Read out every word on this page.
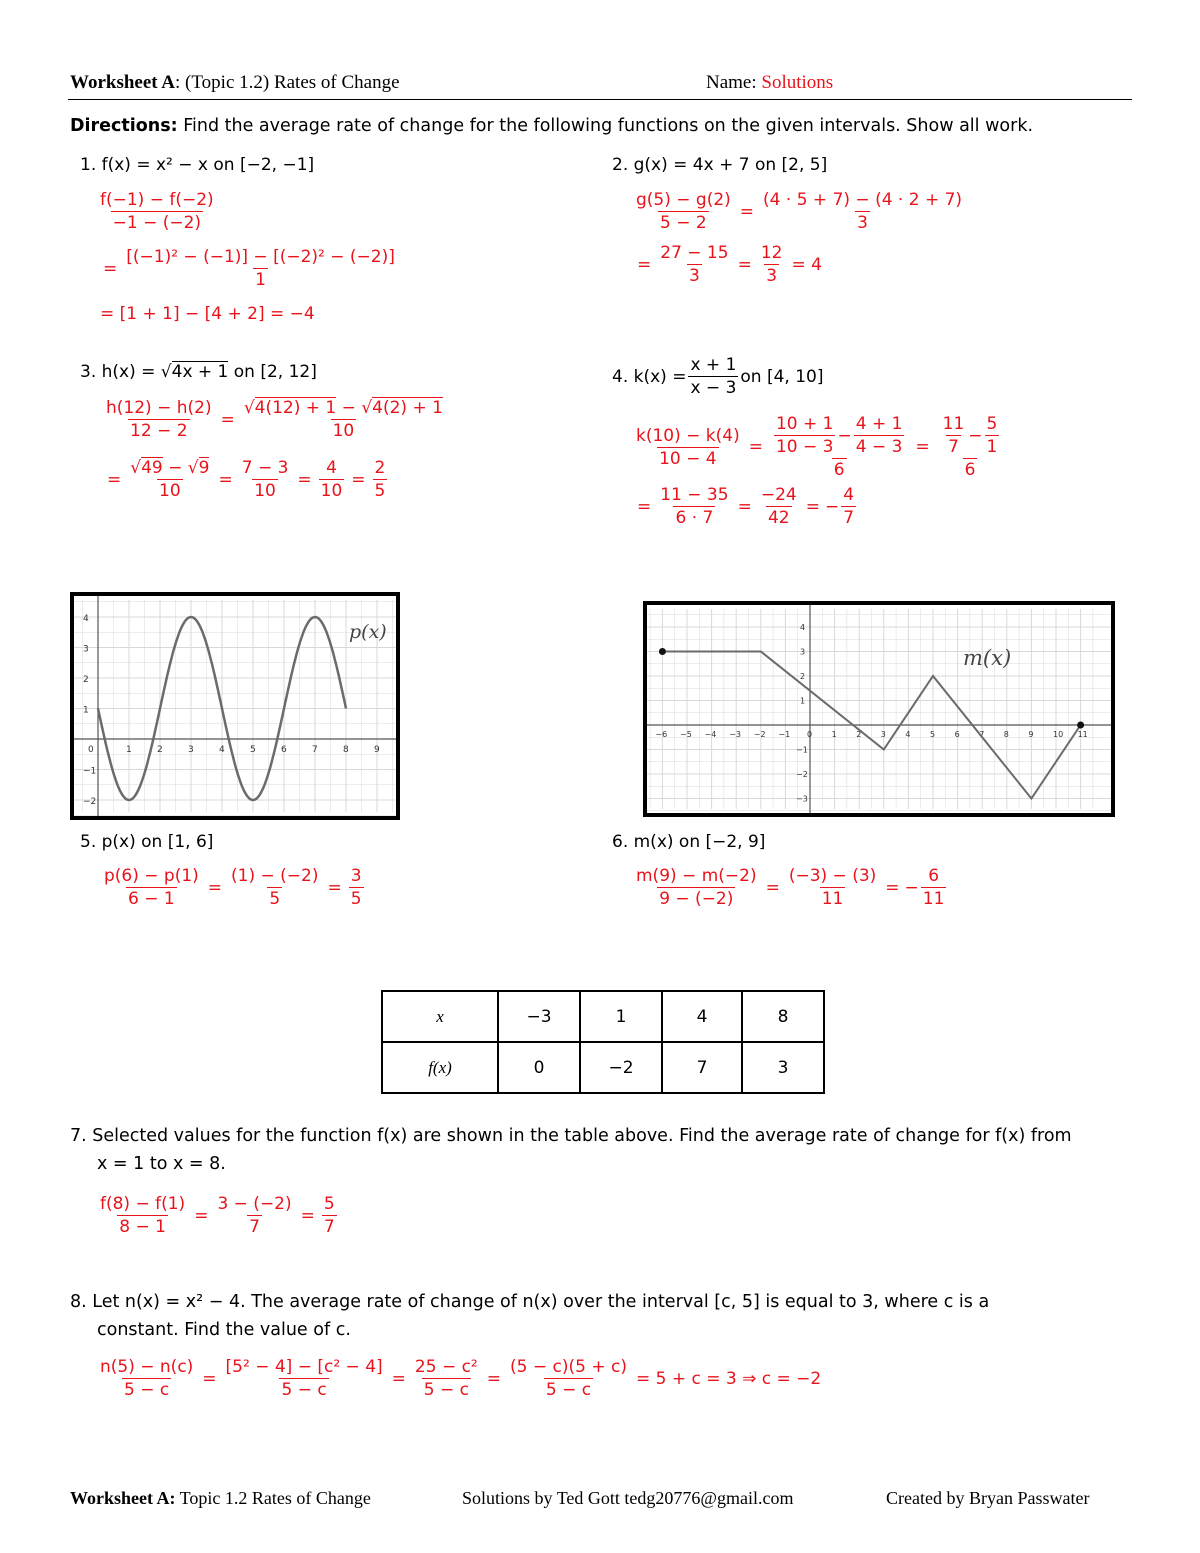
Worksheet A: (Topic 1.2) Rates of Change	Name: Solutions
Directions: Find the average rate of change for the following functions on the given intervals. Show all work.
1. f(x) = x² − x on [−2, −1]
$\frac{f(-1) - f(-2)}{-1 - (-2)}$
= $\frac{\text{[(−1)² − (−1)] − [(−2)² − (−2)]}}{1}$
= [1 + 1] − [4 + 2] = −4
2. g(x) = 4x + 7 on [2, 5]
$\frac{g(5) - g(2)}{5 - 2} = \frac{(4 \cdot 5 + 7) - (4 \cdot 2 + 7)}{3}$
= $\frac{27 - 15}{3} = \frac{12}{3} = 4$
3. h(x) = √4x + 1 on [2, 12]
$\frac{h(12) - h(2)}{12 - 2} = \frac{√4(12) + 1 - √4(2) + 1}{10}$
= $\frac{√49 - √9}{10} = \frac{7 - 3}{10} = \frac{4}{10} = \frac{2}{5}$
4. $k(x) = \frac{x + 1}{x - 3}$ on [4, 10]
$\frac{k(10) - k(4)}{10 - 4} = \frac{\frac{10 + 1}{10 - 3} - \frac{4 + 1}{4 - 3}}{6} = \frac{\frac{11}{7} - \frac{5}{1}}{6}$
= $\frac{11 - 35}{6 \cdot 7} = \frac{-24}{42}$ = − $\frac{4}{7}$
0	1	2	3	4	5	6	7	8	9
4
3
2
1
−1
−2
p(x)
−6 −5 −4 −3 −2 −1 0 1 2 3 4 5 6 7 8 9 10 11
4
3
2
1
−1
−2
−3
m(x)
5. p(x) on [1, 6]
$\frac{p(6) - p(1)}{6 - 1} = \frac{(1) - (-2)}{5} = \frac{3}{5}$
6. m(x) on [−2, 9]
$\frac{m(9) - m(-2)}{9 - (-2)} = \frac{(-3) - (3)}{11}$ = − $\frac{6}{11}$
x	−3	1	4	8
f(x)	0	−2	7	3
7. Selected values for the function f(x) are shown in the table above. Find the average rate of change for f(x) from
x = 1 to x = 8.
$\frac{f(8) - f(1)}{8 - 1} = \frac{3 - (-2)}{7} = \frac{5}{7}$
8. Let n(x) = x² − 4. The average rate of change of n(x) over the interval [c, 5] is equal to 3, where c is a
constant. Find the value of c.
$\frac{n(5) - n(c)}{5 - c} = \frac{\text{[5² − 4] − [c² − 4]}}{5 - c} = \frac{\text{25 − c²}}{5 - c} = \frac{(5 - c)(5 + c)}{5 - c} = 5 + c = 3$ ⇒ c = −2
Worksheet A: Topic 1.2 Rates of Change	Solutions by Ted Gott tedg20776@gmail.com	Created by Bryan Passwater
